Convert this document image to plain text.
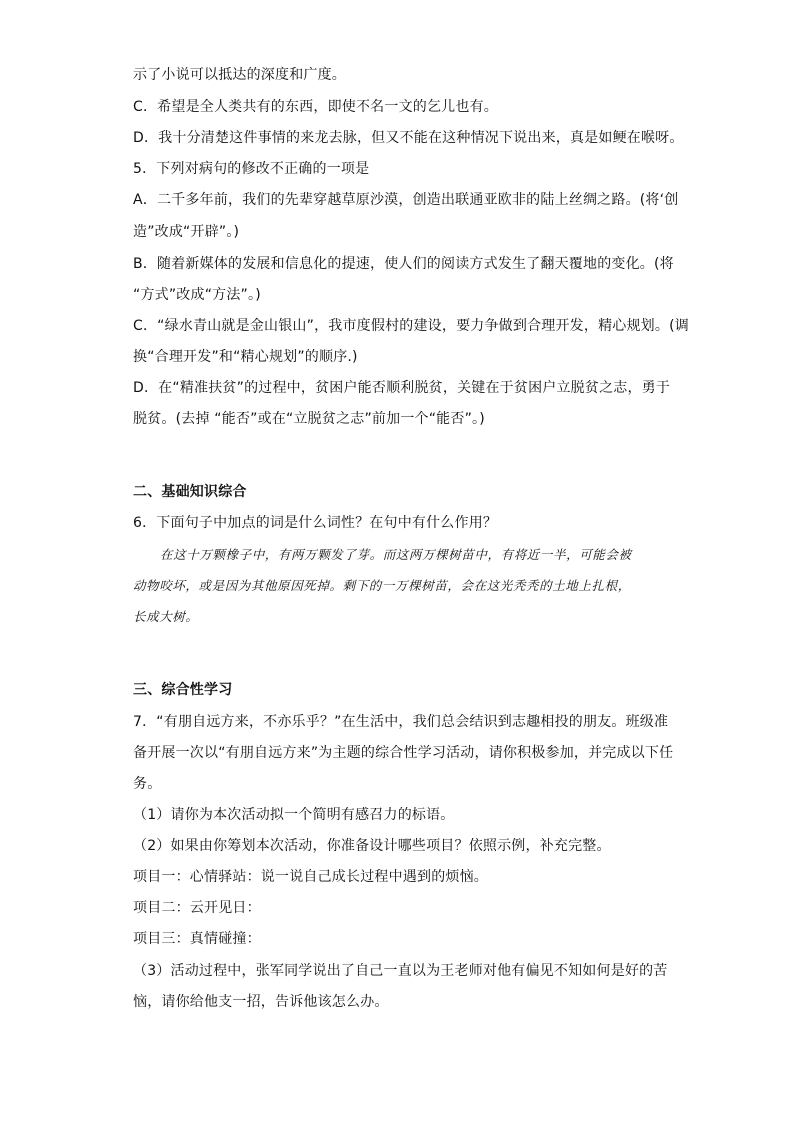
示了小说可以抵达的深度和广度。
C．希望是全人类共有的东西，即使不名一文的乞儿也有。
D．我十分清楚这件事情的来龙去脉，但又不能在这种情况下说出来，真是如鲠在喉呀。
5．下列对病句的修改不正确的一项是
A．二千多年前，我们的先辈穿越草原沙漠，创造出联通亚欧非的陆上丝绸之路。(将‘创
造”改成“开辟”。)
B．随着新媒体的发展和信息化的提速，使人们的阅读方式发生了翻天覆地的变化。(将
“方式”改成“方法”。)
C．“绿水青山就是金山银山”，我市度假村的建设，要力争做到合理开发，精心规划。(调
换“合理开发”和“精心规划”的顺序.)
D．在“精准扶贫”的过程中，贫困户能否顺利脱贫，关键在于贫困户立脱贫之志，勇于
脱贫。(去掉 “能否”或在“立脱贫之志”前加一个“能否”。)
二、基础知识综合
6．下面句子中加点的词是什么词性？在句中有什么作用？
在这十万颗橡子中，有两万颗发了芽。而这两万棵树苗中，有将近一半，可能会被
动物咬坏，或是因为其他原因死掉。剩下的一万棵树苗，会在这光秃秃的土地上扎根，
长成大树。
三、综合性学习
7．“有朋自远方来，不亦乐乎？”在生活中，我们总会结识到志趣相投的朋友。班级准
备开展一次以“有朋自远方来”为主题的综合性学习活动，请你积极参加，并完成以下任
务。
（1）请你为本次活动拟一个简明有感召力的标语。
（2）如果由你筹划本次活动，你准备设计哪些项目？依照示例，补充完整。
项目一：心情驿站：说一说自己成长过程中遇到的烦恼。
项目二：云开见日：
项目三：真情碰撞：
（3）活动过程中，张军同学说出了自己一直以为王老师对他有偏见不知如何是好的苦
恼，请你给他支一招，告诉他该怎么办。
